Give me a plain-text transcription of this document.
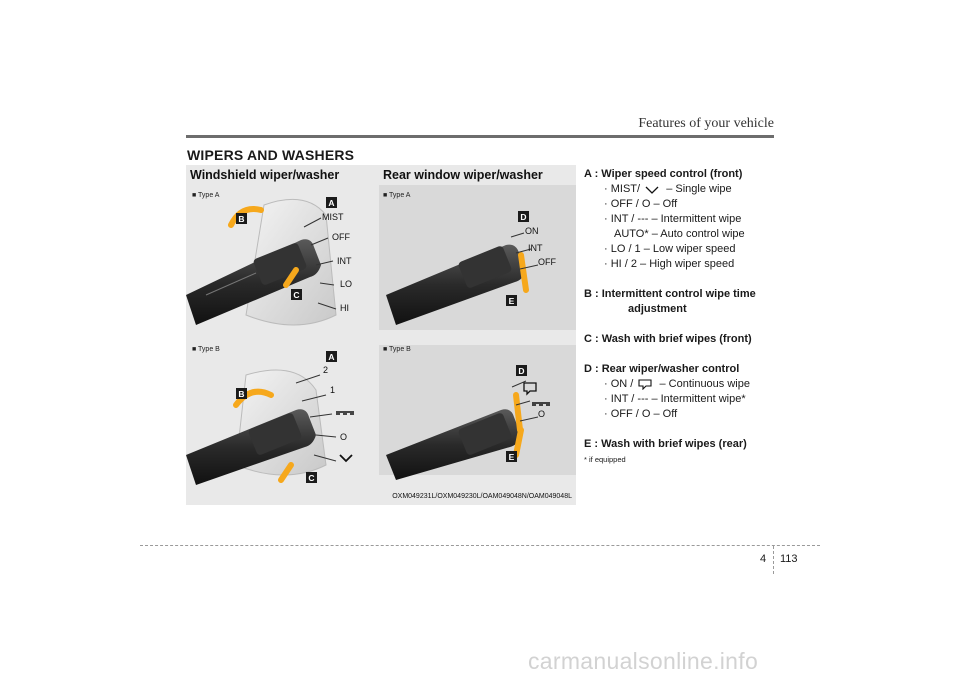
Features of your vehicle
WIPERS AND WASHERS
Windshield wiper/washer	Rear window wiper/washer
■ Type A
■ Type B
■ Type A
■ Type B
MIST
OFF
INT
LO
HI
A
B
C
2
1
O
A
B
C
ON
INT
OFF
D
E
O
D
E
OXM049231L/OXM049230L/OAM049048N/OAM049048L
A : Wiper speed control (front)
· MIST/ – Single wipe
· OFF / O – Off
· INT / --- – Intermittent wipe
AUTO* – Auto control wipe
· LO / 1 – Low wiper speed
· HI / 2 – High wiper speed
B : Intermittent control wipe time
adjustment
C : Wash with brief wipes (front)
D : Rear wiper/washer control
· ON / – Continuous wipe
· INT / --- – Intermittent wipe*
· OFF / O – Off
E : Wash with brief wipes (rear)
* if equipped
4 113
carmanualsonline.info
